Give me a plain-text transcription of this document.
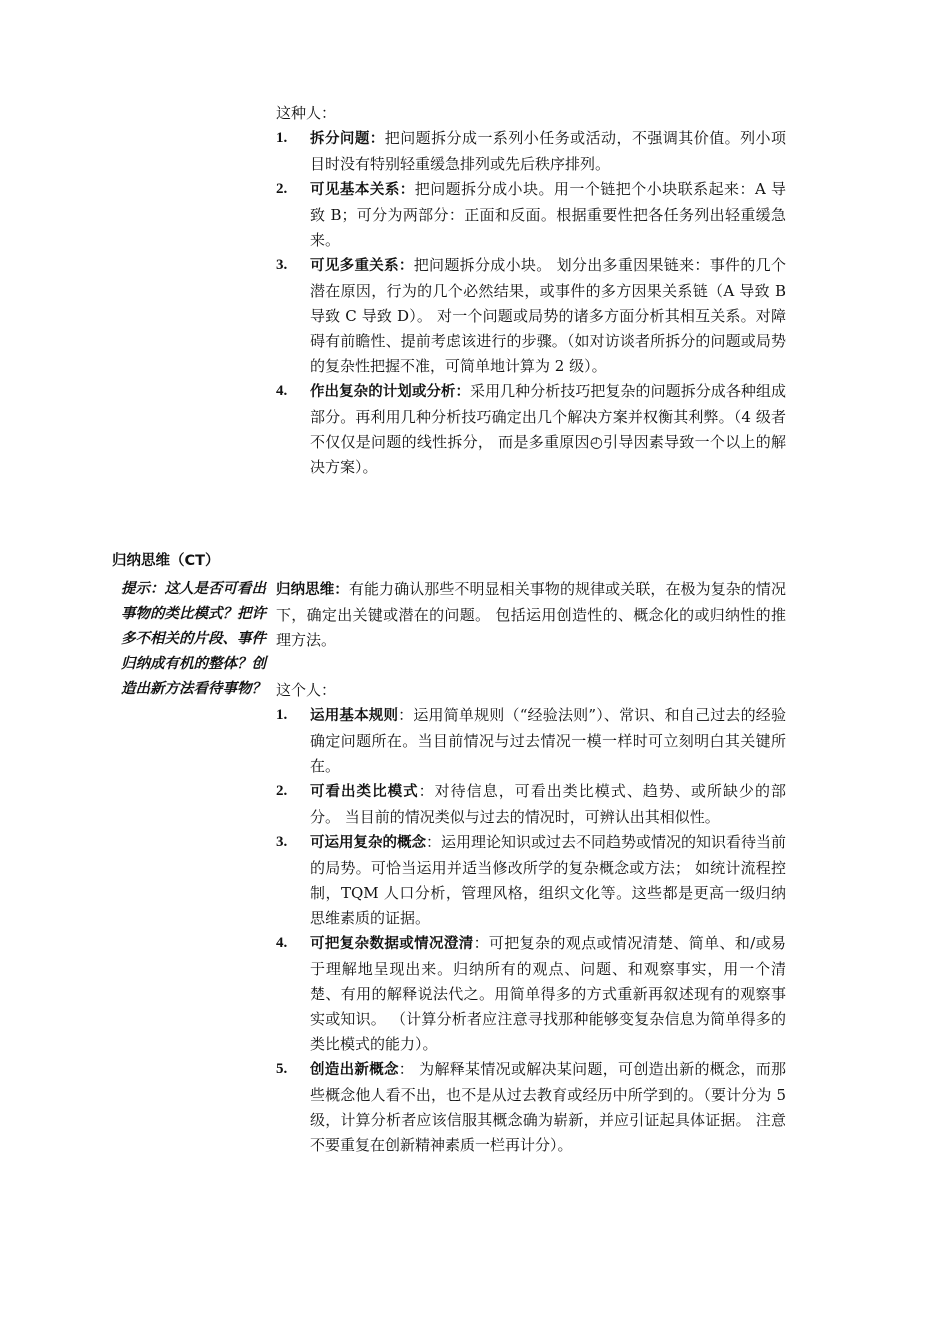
这种人：

1. 拆分问题：把问题拆分成一系列小任务或活动，不强调其价值。列小项目时没有特别轻重缓急排列或先后秩序排列。
2. 可见基本关系：把问题拆分成小块。用一个链把个小块联系起来：A 导致 B；可分为两部分：正面和反面。根据重要性把各任务列出轻重缓急来。
3. 可见多重关系：把问题拆分成小块。 划分出多重因果链来：事件的几个潜在原因，行为的几个必然结果，或事件的多方因果关系链（A 导致 B 导致 C 导致 D）。 对一个问题或局势的诸多方面分析其相互关系。对障碍有前瞻性、提前考虑该进行的步骤。（如对访谈者所拆分的问题或局势的复杂性把握不准，可简单地计算为 2 级）。
4. 作出复杂的计划或分析：采用几种分析技巧把复杂的问题拆分成各种组成部分。再利用几种分析技巧确定出几个解决方案并权衡其利弊。（4 级者不仅仅是问题的线性拆分， 而是多重原因◴引导因素导致一个以上的解决方案）。
归纳思维（CT）
提示：这人是否可看出事物的类比模式？把许多不相关的片段、事件归纳成有机的整体？创造出新方法看待事物？
归纳思维：有能力确认那些不明显相关事物的规律或关联，在极为复杂的情况下，确定出关键或潜在的问题。 包括运用创造性的、概念化的或归纳性的推理方法。

这个人：

1. 运用基本规则：运用简单规则（“经验法则”）、常识、和自己过去的经验确定问题所在。当目前情况与过去情况一模一样时可立刻明白其关键所在。
2. 可看出类比模式：对待信息，可看出类比模式、趋势、或所缺少的部分。 当目前的情况类似与过去的情况时，可辨认出其相似性。
3. 可运用复杂的概念：运用理论知识或过去不同趋势或情况的知识看待当前的局势。可恰当运用并适当修改所学的复杂概念或方法； 如统计流程控制，TQM 人口分析，管理风格，组织文化等。这些都是更高一级归纳思维素质的证据。
4. 可把复杂数据或情况澄清：可把复杂的观点或情况清楚、简单、和/或易于理解地呈现出来。归纳所有的观点、问题、和观察事实，用一个清楚、有用的解释说法代之。用简单得多的方式重新再叙述现有的观察事实或知识。 （计算分析者应注意寻找那种能够变复杂信息为简单得多的类比模式的能力）。
5. 创造出新概念： 为解释某情况或解决某问题，可创造出新的概念，而那些概念他人看不出，也不是从过去教育或经历中所学到的。（要计分为 5 级，计算分析者应该信服其概念确为崭新，并应引证起具体证据。 注意不要重复在创新精神素质一栏再计分）。
